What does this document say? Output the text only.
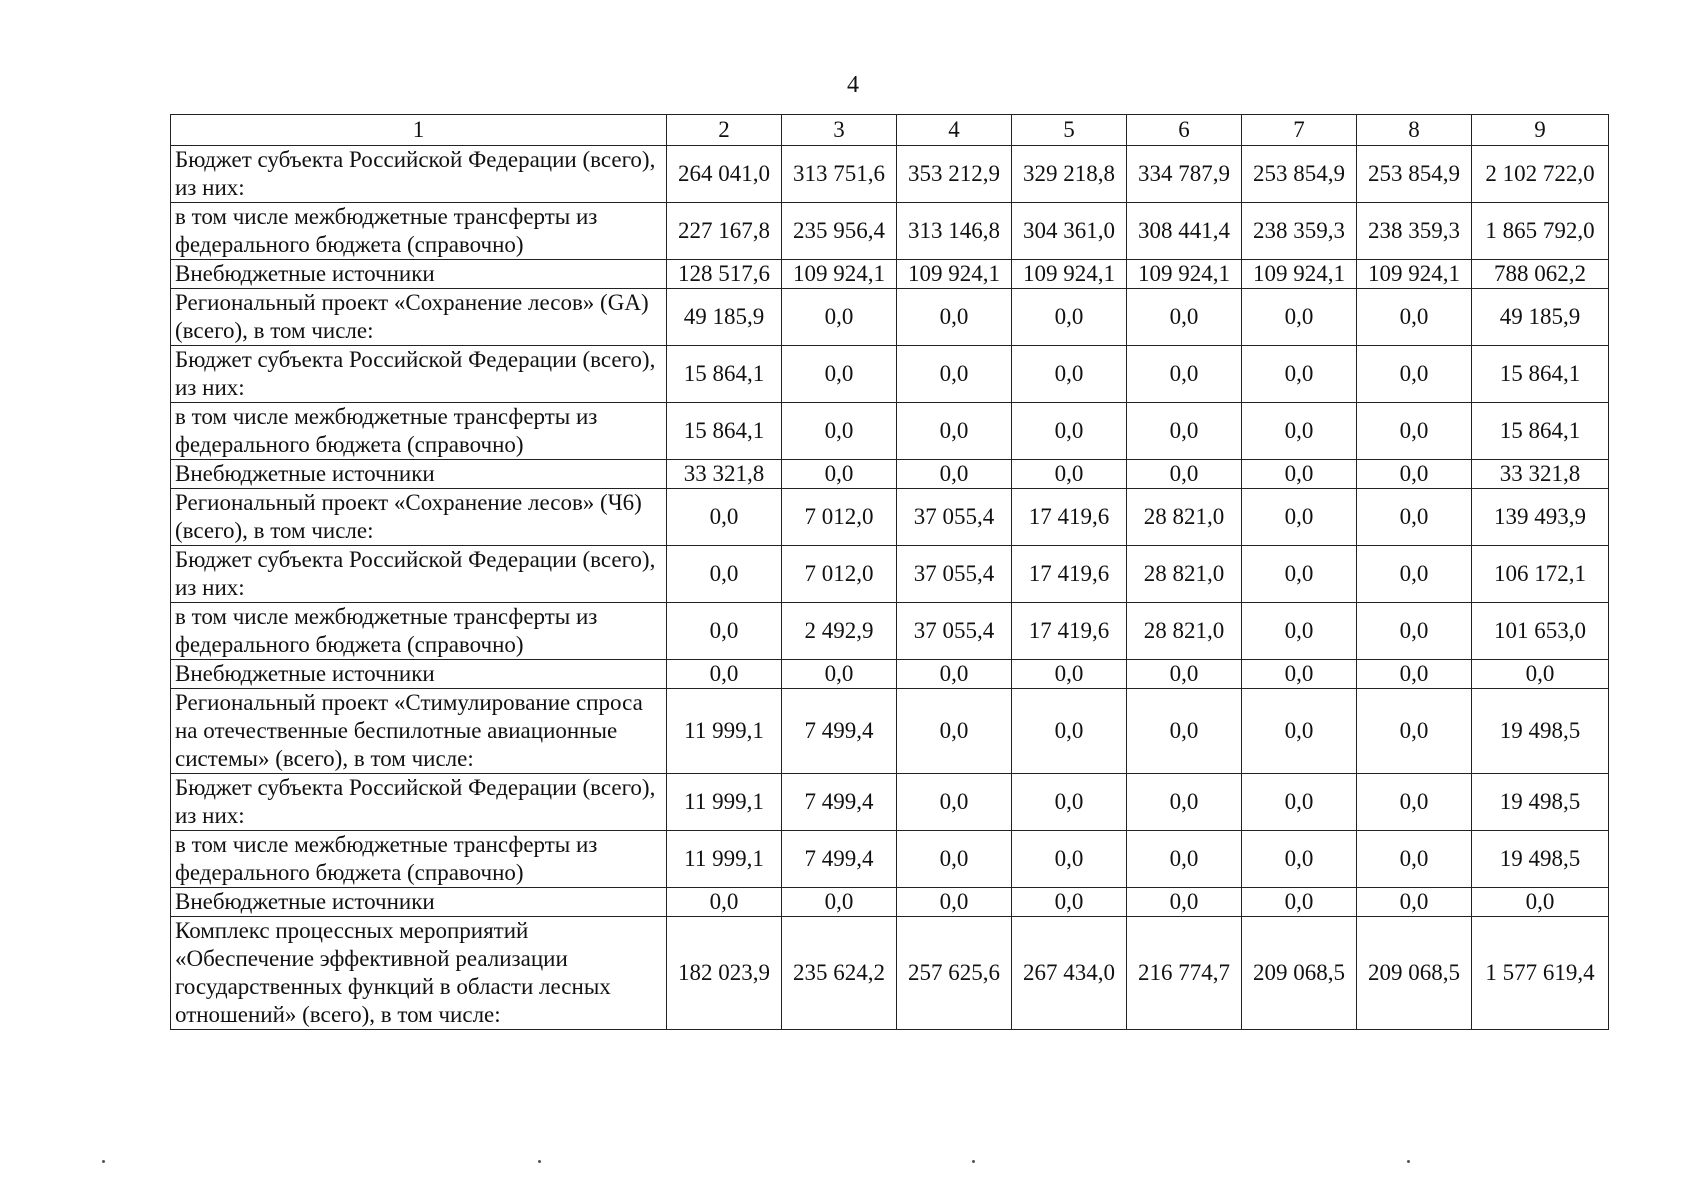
4
1	2	3	4	5	6	7	8	9
Бюджет субъекта Российской Федерации (всего), из них:	264 041,0	313 751,6	353 212,9	329 218,8	334 787,9	253 854,9	253 854,9	2 102 722,0
в том числе межбюджетные трансферты из федерального бюджета (справочно)	227 167,8	235 956,4	313 146,8	304 361,0	308 441,4	238 359,3	238 359,3	1 865 792,0
Внебюджетные источники	128 517,6	109 924,1	109 924,1	109 924,1	109 924,1	109 924,1	109 924,1	788 062,2
Региональный проект «Сохранение лесов» (GA) (всего), в том числе:	49 185,9	0,0	0,0	0,0	0,0	0,0	0,0	49 185,9
Бюджет субъекта Российской Федерации (всего), из них:	15 864,1	0,0	0,0	0,0	0,0	0,0	0,0	15 864,1
в том числе межбюджетные трансферты из федерального бюджета (справочно)	15 864,1	0,0	0,0	0,0	0,0	0,0	0,0	15 864,1
Внебюджетные источники	33 321,8	0,0	0,0	0,0	0,0	0,0	0,0	33 321,8
Региональный проект «Сохранение лесов» (Ч6) (всего), в том числе:	0,0	7 012,0	37 055,4	17 419,6	28 821,0	0,0	0,0	139 493,9
Бюджет субъекта Российской Федерации (всего), из них:	0,0	7 012,0	37 055,4	17 419,6	28 821,0	0,0	0,0	106 172,1
в том числе межбюджетные трансферты из федерального бюджета (справочно)	0,0	2 492,9	37 055,4	17 419,6	28 821,0	0,0	0,0	101 653,0
Внебюджетные источники	0,0	0,0	0,0	0,0	0,0	0,0	0,0	0,0
Региональный проект «Стимулирование спроса на отечественные беспилотные авиационные системы» (всего), в том числе:	11 999,1	7 499,4	0,0	0,0	0,0	0,0	0,0	19 498,5
Бюджет субъекта Российской Федерации (всего), из них:	11 999,1	7 499,4	0,0	0,0	0,0	0,0	0,0	19 498,5
в том числе межбюджетные трансферты из федерального бюджета (справочно)	11 999,1	7 499,4	0,0	0,0	0,0	0,0	0,0	19 498,5
Внебюджетные источники	0,0	0,0	0,0	0,0	0,0	0,0	0,0	0,0
Комплекс процессных мероприятий «Обеспечение эффективной реализации государственных функций в области лесных отношений» (всего), в том числе:	182 023,9	235 624,2	257 625,6	267 434,0	216 774,7	209 068,5	209 068,5	1 577 619,4
